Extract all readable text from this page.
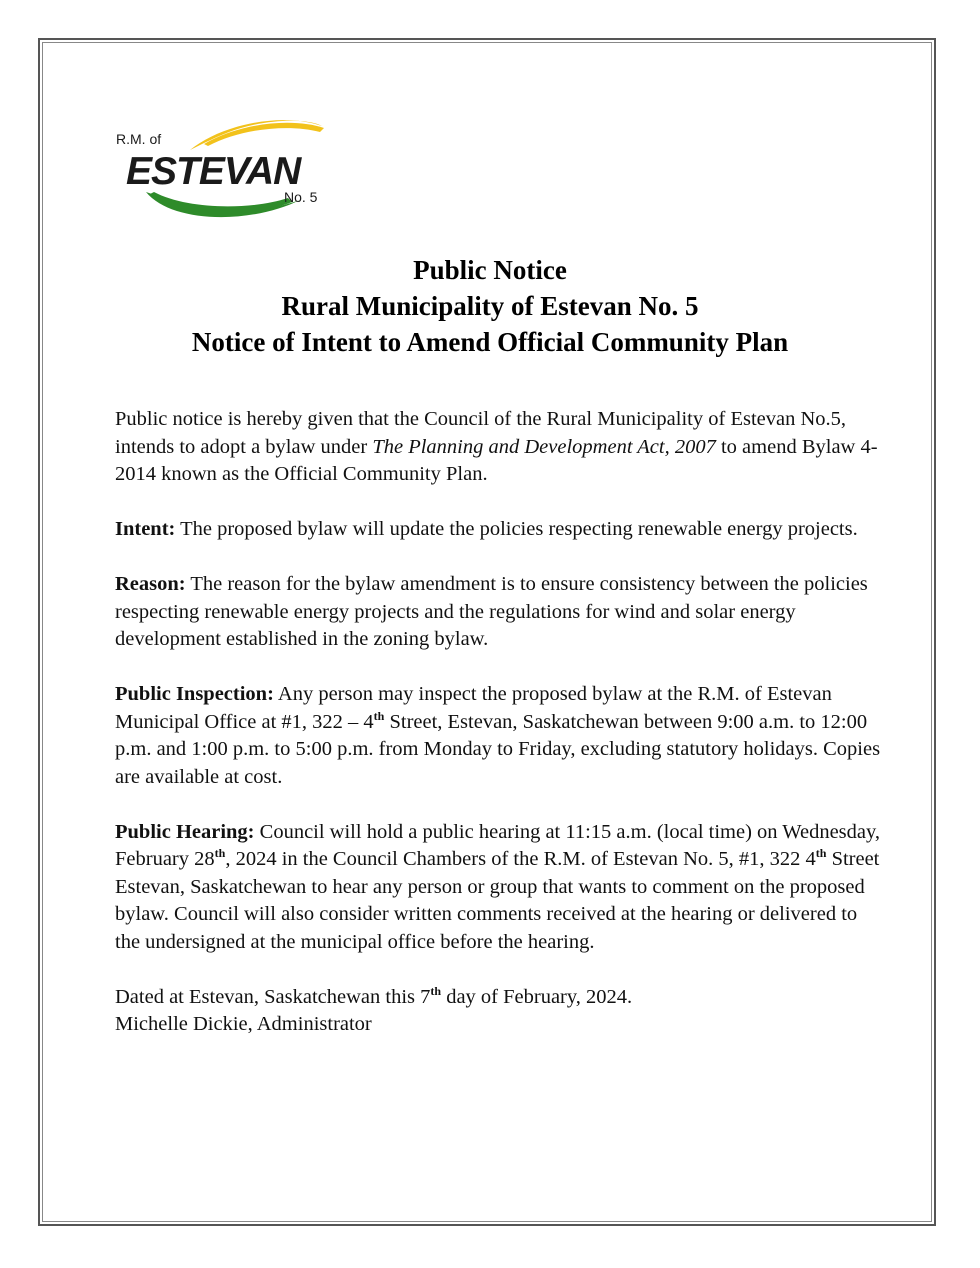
R.M. of
ESTEVAN
No. 5
Public Notice
Rural Municipality of Estevan No. 5
Notice of Intent to Amend Official Community Plan

Public notice is hereby given that the Council of the Rural Municipality of Estevan No.5, intends to adopt a bylaw under The Planning and Development Act, 2007 to amend Bylaw 4-2014 known as the Official Community Plan.

Intent: The proposed bylaw will update the policies respecting renewable energy projects.

Reason: The reason for the bylaw amendment is to ensure consistency between the policies respecting renewable energy projects and the regulations for wind and solar energy development established in the zoning bylaw.

Public Inspection: Any person may inspect the proposed bylaw at the R.M. of Estevan Municipal Office at #1, 322 – 4th Street, Estevan, Saskatchewan between 9:00 a.m. to 12:00 p.m. and 1:00 p.m. to 5:00 p.m. from Monday to Friday, excluding statutory holidays. Copies are available at cost.

Public Hearing: Council will hold a public hearing at 11:15 a.m. (local time) on Wednesday, February 28th, 2024 in the Council Chambers of the R.M. of Estevan No. 5, #1, 322 4th Street Estevan, Saskatchewan to hear any person or group that wants to comment on the proposed bylaw. Council will also consider written comments received at the hearing or delivered to the undersigned at the municipal office before the hearing.

Dated at Estevan, Saskatchewan this 7th day of February, 2024.

Michelle Dickie, Administrator
